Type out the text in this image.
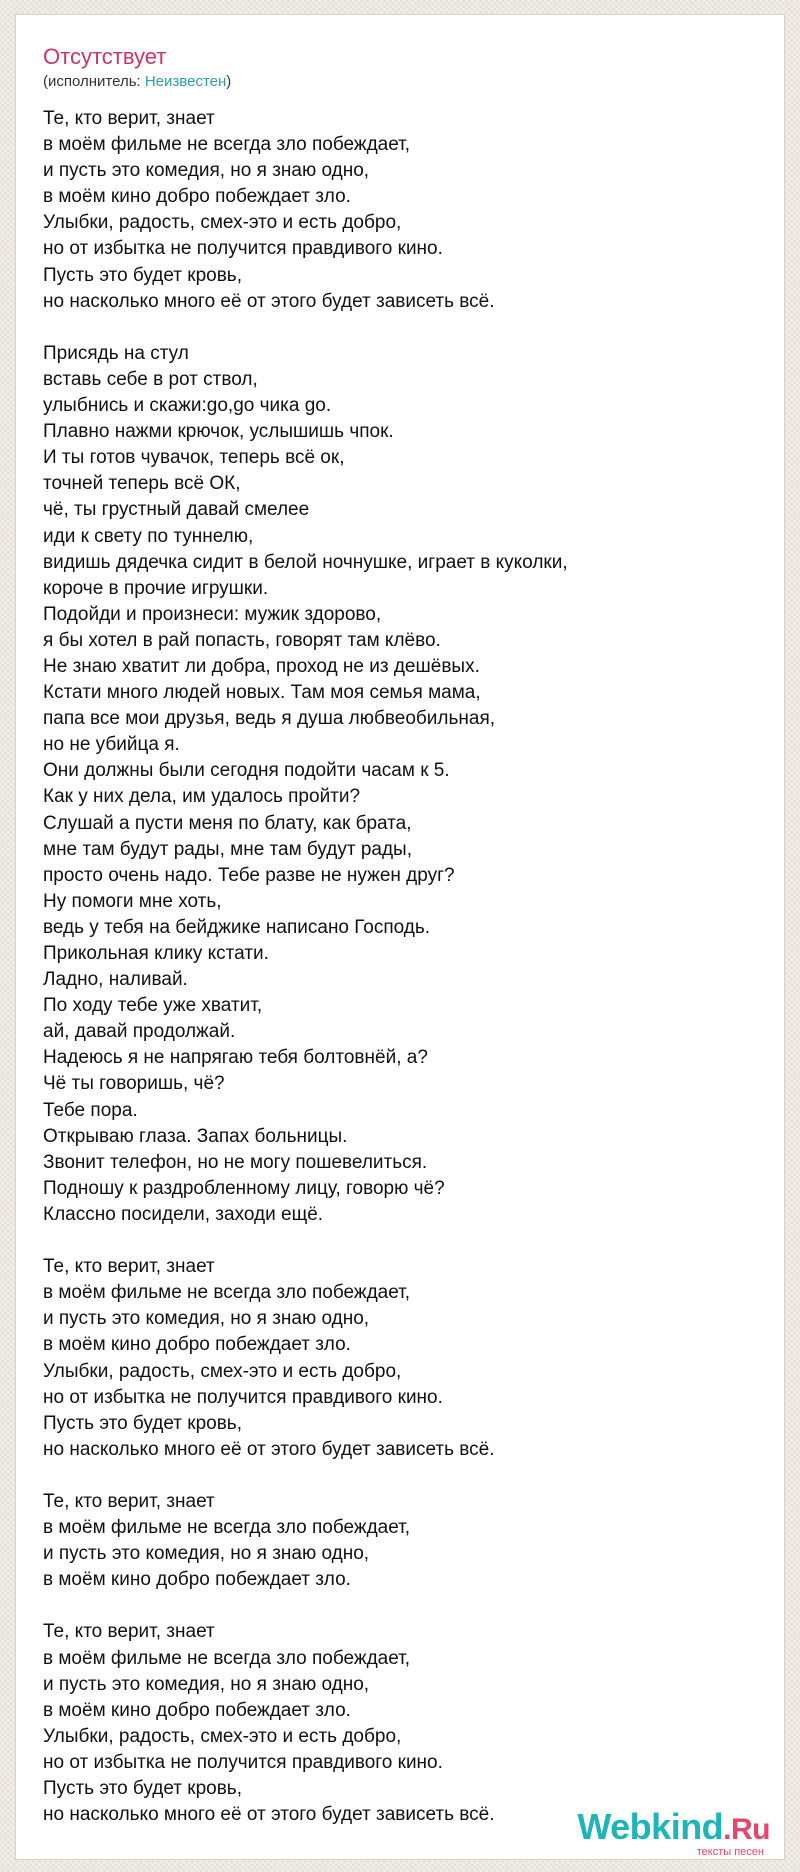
Отсутствует
(исполнитель: Неизвестен)
Те, кто верит, знает
в моём фильме не всегда зло побеждает,
и пусть это комедия, но я знаю одно,
в моём кино добро побеждает зло.
Улыбки, радость, смех-это и есть добро,
но от избытка не получится правдивого кино.
Пусть это будет кровь,
но насколько много её от этого будет зависеть всё.
Присядь на стул
вставь себе в рот ствол,
улыбнись и скажи:go,go чика go.
Плавно нажми крючок, услышишь чпок.
И ты готов чувачок, теперь всё ок,
точней теперь всё ОК,
чё, ты грустный давай смелее
иди к свету по туннелю,
видишь дядечка сидит в белой ночнушке, играет в куколки,
короче в прочие игрушки.
Подойди и произнеси: мужик здорово,
я бы хотел в рай попасть, говорят там клёво.
Не знаю хватит ли добра, проход не из дешёвых.
Кстати много людей новых. Там моя семья мама,
папа все мои друзья, ведь я душа любвеобильная,
но не убийца я.
Они должны были сегодня подойти часам к 5.
Как у них дела, им удалось пройти?
Слушай а пусти меня по блату, как брата,
мне там будут рады, мне там будут рады,
просто очень надо. Тебе разве не нужен друг?
Ну помоги мне хоть,
ведь у тебя на бейджике написано Господь.
Прикольная клику кстати.
Ладно, наливай.
По ходу тебе уже хватит,
ай, давай продолжай.
Надеюсь я не напрягаю тебя болтовнёй, а?
Чё ты говоришь, чё?
Тебе пора.
Открываю глаза. Запах больницы.
Звонит телефон, но не могу пошевелиться.
Подношу к раздробленному лицу, говорю чё?
Классно посидели, заходи ещё.
Те, кто верит, знает
в моём фильме не всегда зло побеждает,
и пусть это комедия, но я знаю одно,
в моём кино добро побеждает зло.
Улыбки, радость, смех-это и есть добро,
но от избытка не получится правдивого кино.
Пусть это будет кровь,
но насколько много её от этого будет зависеть всё.
Те, кто верит, знает
в моём фильме не всегда зло побеждает,
и пусть это комедия, но я знаю одно,
в моём кино добро побеждает зло.
Те, кто верит, знает
в моём фильме не всегда зло побеждает,
и пусть это комедия, но я знаю одно,
в моём кино добро побеждает зло.
Улыбки, радость, смех-это и есть добро,
но от избытка не получится правдивого кино.
Пусть это будет кровь,
но насколько много её от этого будет зависеть всё.	Webkind.Ru
тексты песен
